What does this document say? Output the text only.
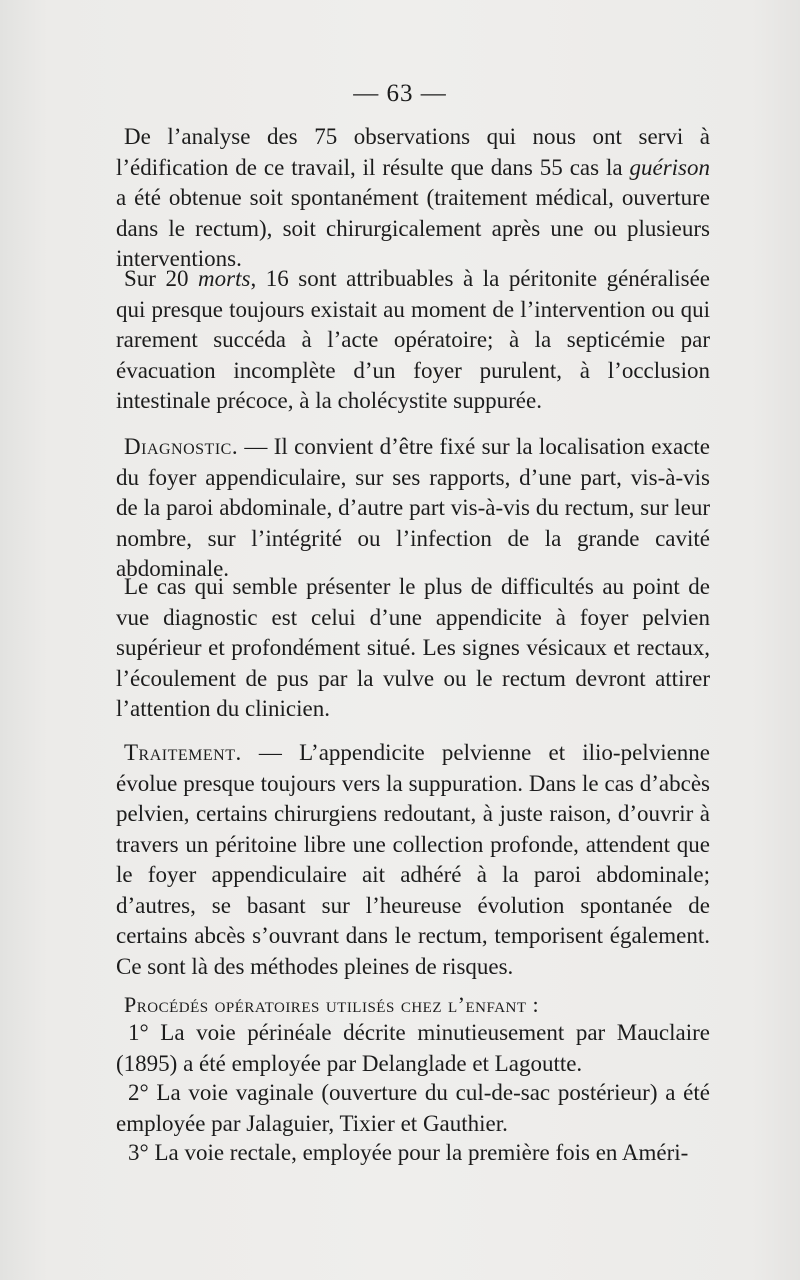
— 63 —

De l’analyse des 75 observations qui nous ont servi à l’édification de ce travail, il résulte que dans 55 cas la guérison a été obtenue soit spontanément (traitement médical, ouverture dans le rectum), soit chirurgicalement après une ou plusieurs interventions.

Sur 20 morts, 16 sont attribuables à la péritonite généralisée qui presque toujours existait au moment de l’intervention ou qui rarement succéda à l’acte opératoire; à la septicémie par évacuation incomplète d’un foyer purulent, à l’occlusion intestinale précoce, à la cholécystite suppurée.

Diagnostic. — Il convient d’être fixé sur la localisation exacte du foyer appendiculaire, sur ses rapports, d’une part, vis-à-vis de la paroi abdominale, d’autre part vis-à-vis du rectum, sur leur nombre, sur l’intégrité ou l’infection de la grande cavité abdominale.

Le cas qui semble présenter le plus de difficultés au point de vue diagnostic est celui d’une appendicite à foyer pelvien supérieur et profondément situé. Les signes vésicaux et rectaux, l’écoulement de pus par la vulve ou le rectum devront attirer l’attention du clinicien.

Traitement. — L’appendicite pelvienne et ilio-pelvienne évolue presque toujours vers la suppuration. Dans le cas d’abcès pelvien, certains chirurgiens redoutant, à juste raison, d’ouvrir à travers un péritoine libre une collection profonde, attendent que le foyer appendiculaire ait adhéré à la paroi abdominale; d’autres, se basant sur l’heureuse évolution spontanée de certains abcès s’ouvrant dans le rectum, temporisent également. Ce sont là des méthodes pleines de risques.

Procédés opératoires utilisés chez l’enfant :

1° La voie périnéale décrite minutieusement par Mauclaire (1895) a été employée par Delanglade et Lagoutte.

2° La voie vaginale (ouverture du cul-de-sac postérieur) a été employée par Jalaguier, Tixier et Gauthier.

3° La voie rectale, employée pour la première fois en Améri-
